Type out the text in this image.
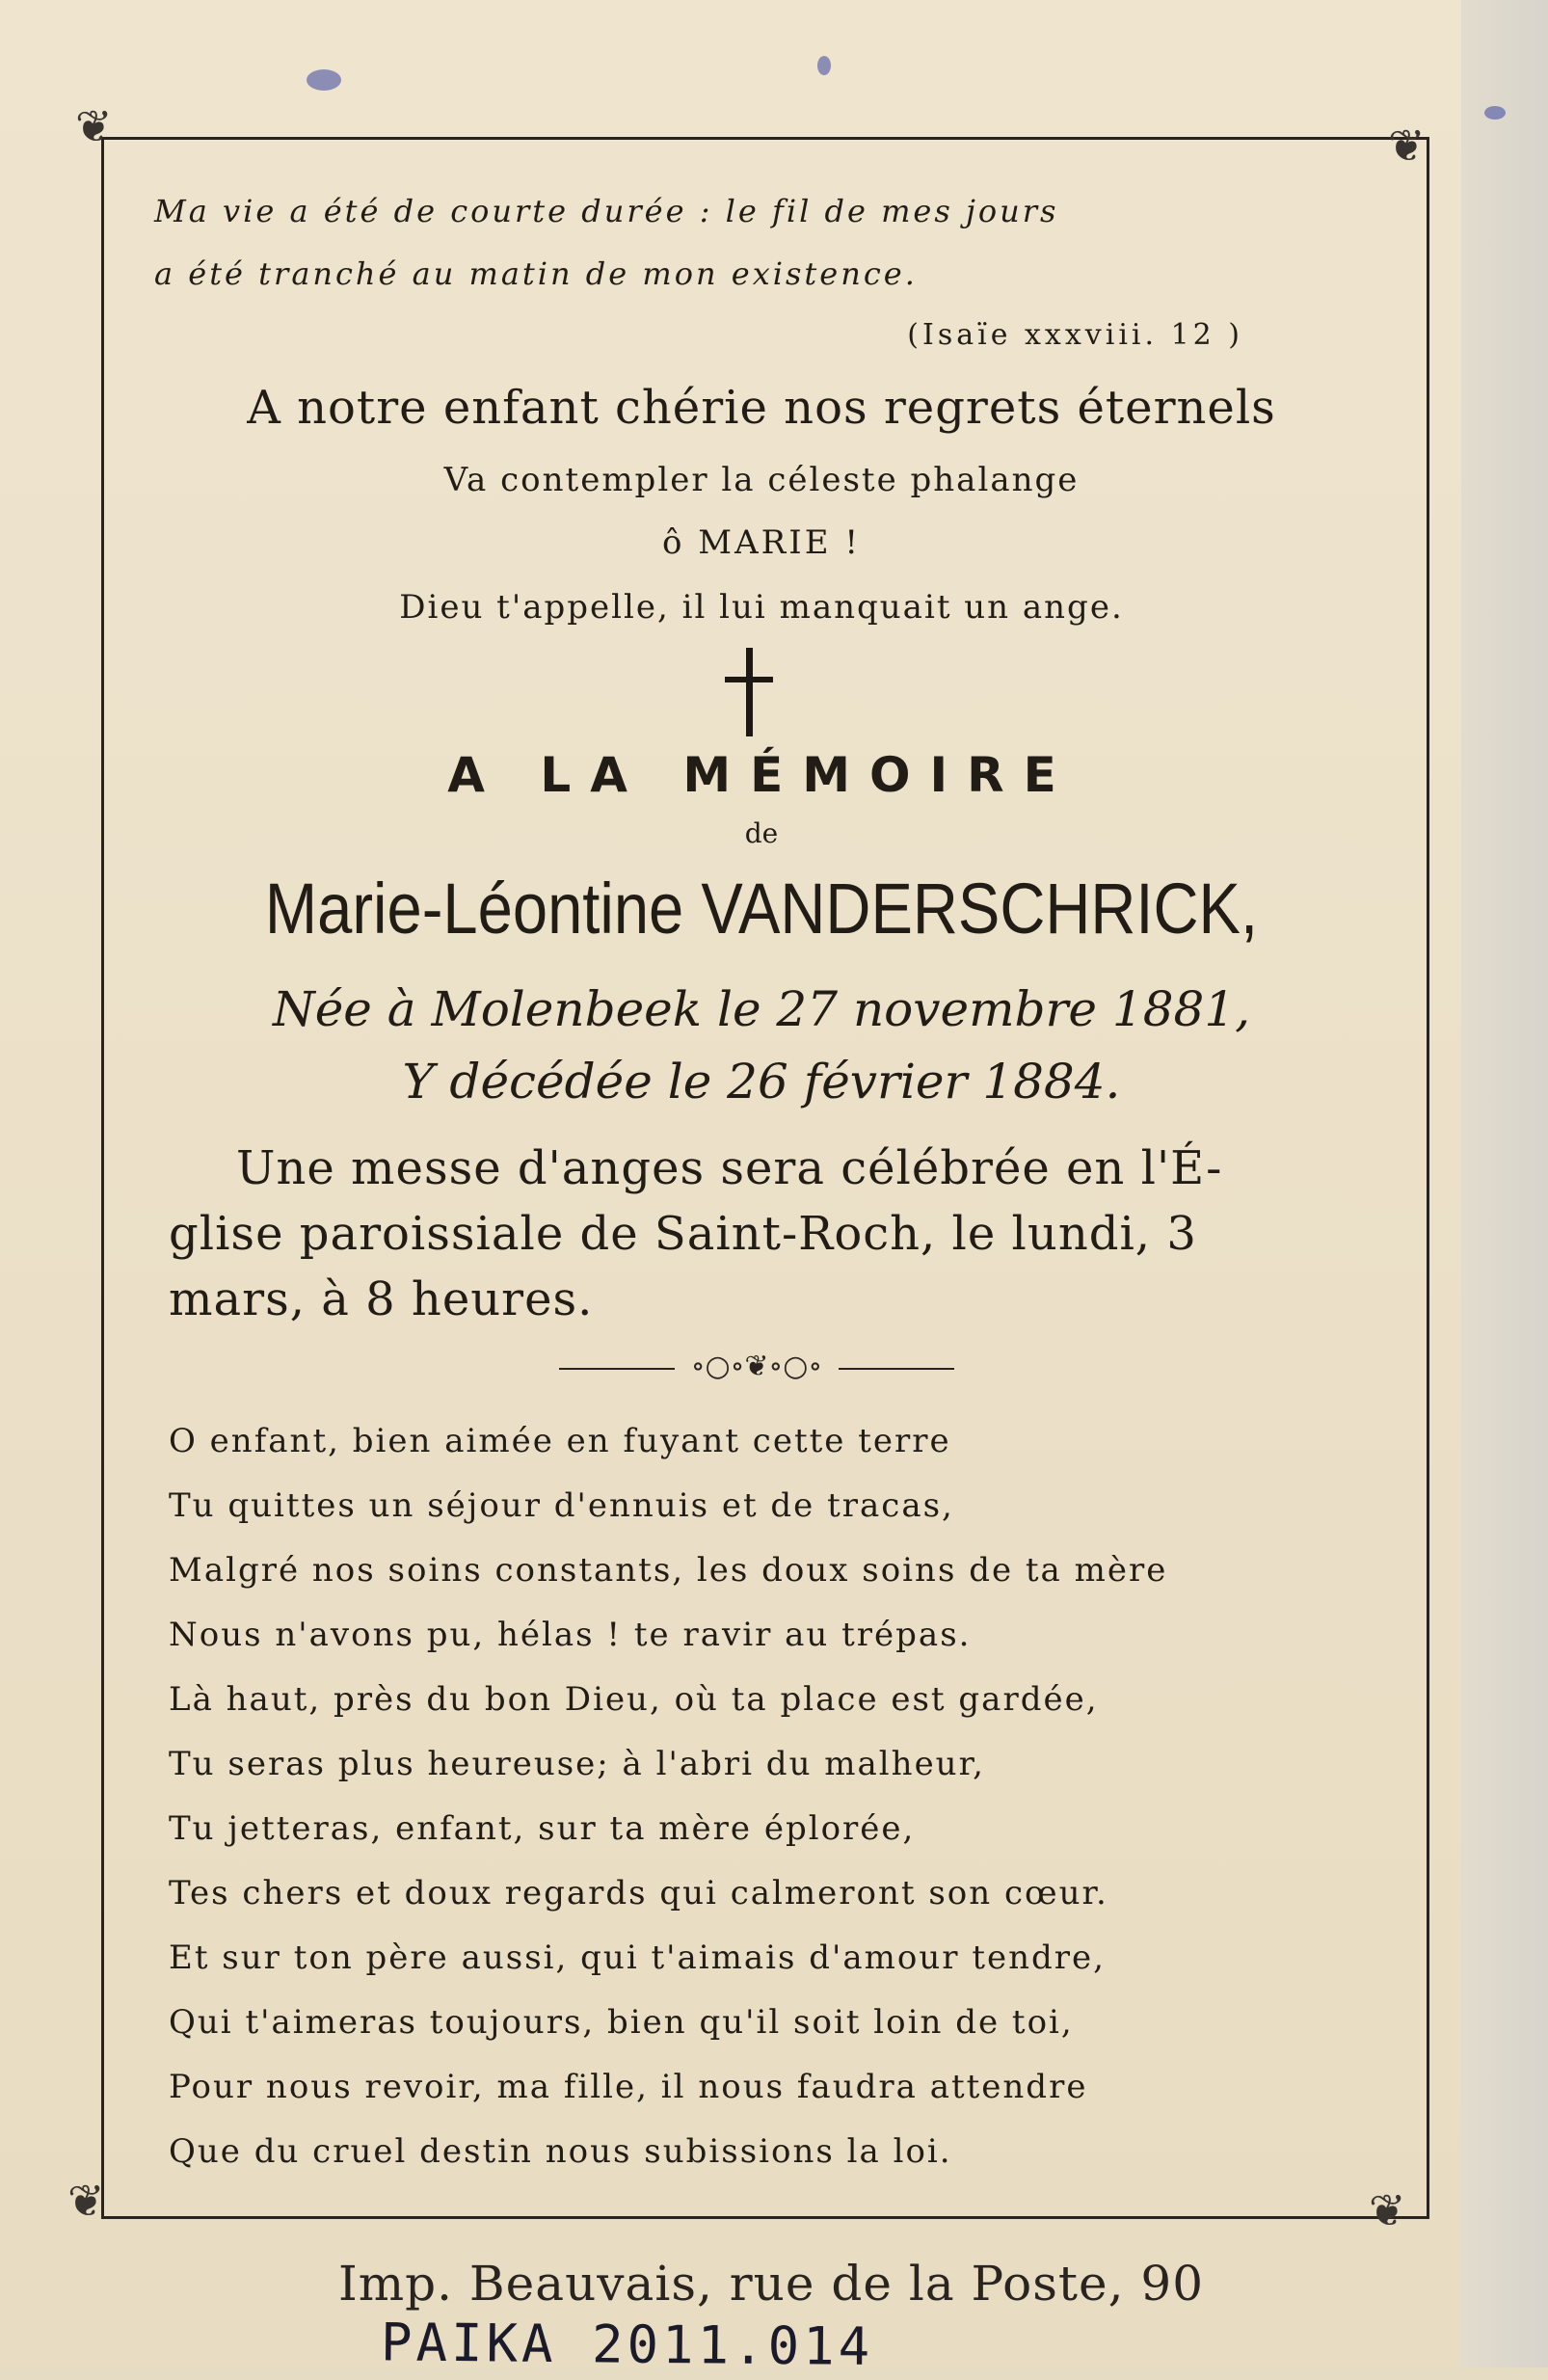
❦	❦
❦	❦
Ma vie a été de courte durée : le fil de mes jours
a été tranché au matin de mon existence.
(Isaïe xxxviii. 12 )
A notre enfant chérie nos regrets éternels
Va contempler la céleste phalange
ô MARIE !
Dieu t'appelle, il lui manquait un ange.
A LA MÉMOIRE
de
Marie-Léontine VANDERSCHRICK,
Née à Molenbeek le 27 novembre 1881,
Y décédée le 26 février 1884.
Une messe d'anges sera célébrée en l'É-
glise paroissiale de Saint-Roch, le lundi, 3
mars, à 8 heures.
∘○∘❦∘○∘
O enfant, bien aimée en fuyant cette terre
Tu quittes un séjour d'ennuis et de tracas,
Malgré nos soins constants, les doux soins de ta mère
Nous n'avons pu, hélas ! te ravir au trépas.
Là haut, près du bon Dieu, où ta place est gardée,
Tu seras plus heureuse; à l'abri du malheur,
Tu jetteras, enfant, sur ta mère éplorée,
Tes chers et doux regards qui calmeront son cœur.
Et sur ton père aussi, qui t'aimais d'amour tendre,
Qui t'aimeras toujours, bien qu'il soit loin de toi,
Pour nous revoir, ma fille, il nous faudra attendre
Que du cruel destin nous subissions la loi.
Imp. Beauvais, rue de la Poste, 90
PAIKA 2011.014
